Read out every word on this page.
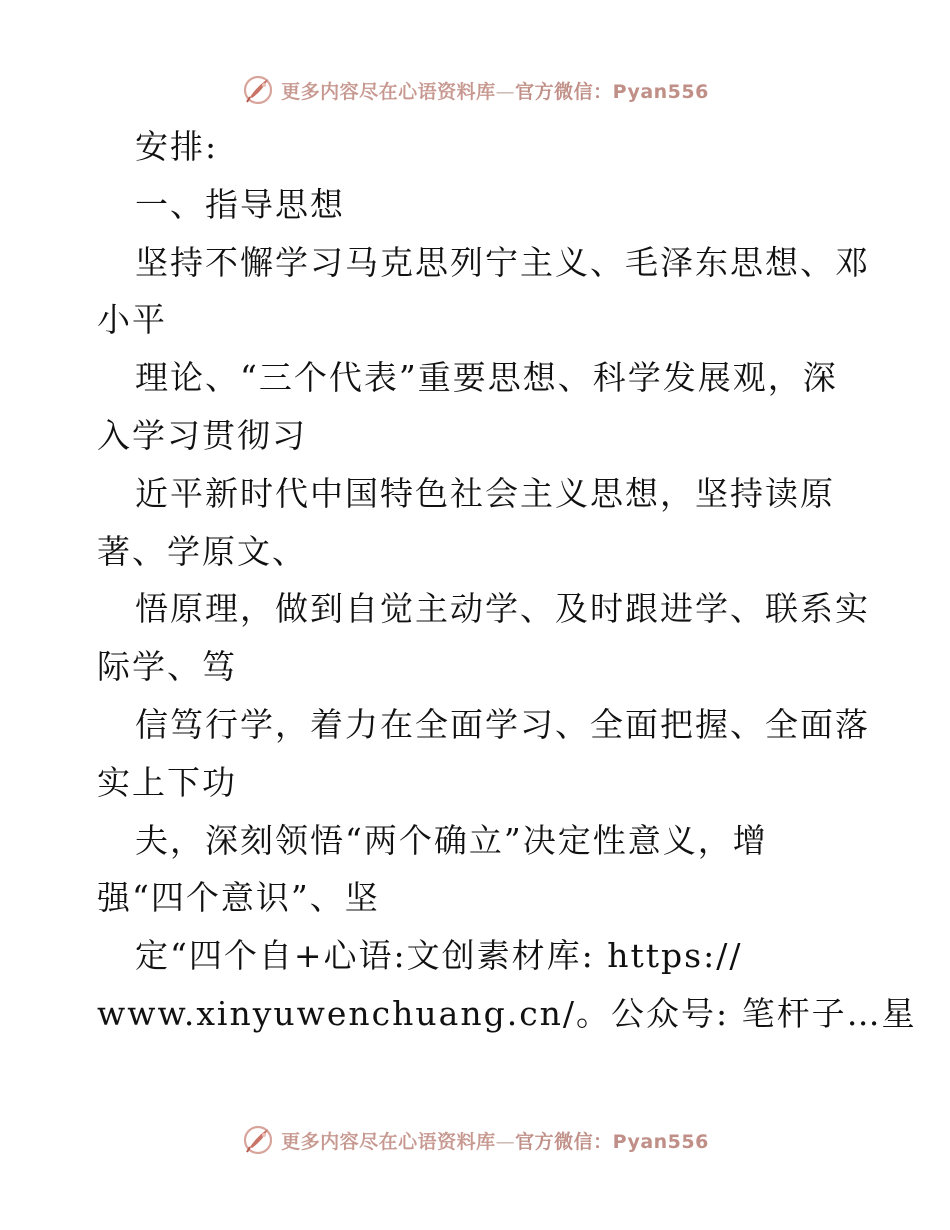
更多内容尽在心语资料库—官方微信：Pyan556
安排:
一、指导思想
坚持不懈学习马克思列宁主义、毛泽东思想、邓
小平
理论、“三个代表”重要思想、科学发展观，深
入学习贯彻习
近平新时代中国特色社会主义思想，坚持读原
著、学原文、
悟原理，做到自觉主动学、及时跟进学、联系实
际学、笃
信笃行学，着力在全面学习、全面把握、全面落
实上下功
夫，深刻领悟“两个确立”决定性意义，增
强“四个意识”、坚
定“四个自+心语:文创素材库: https://
www.xinyuwenchuang.cn/。公众号: 笔杆子…星
更多内容尽在心语资料库—官方微信：Pyan556
